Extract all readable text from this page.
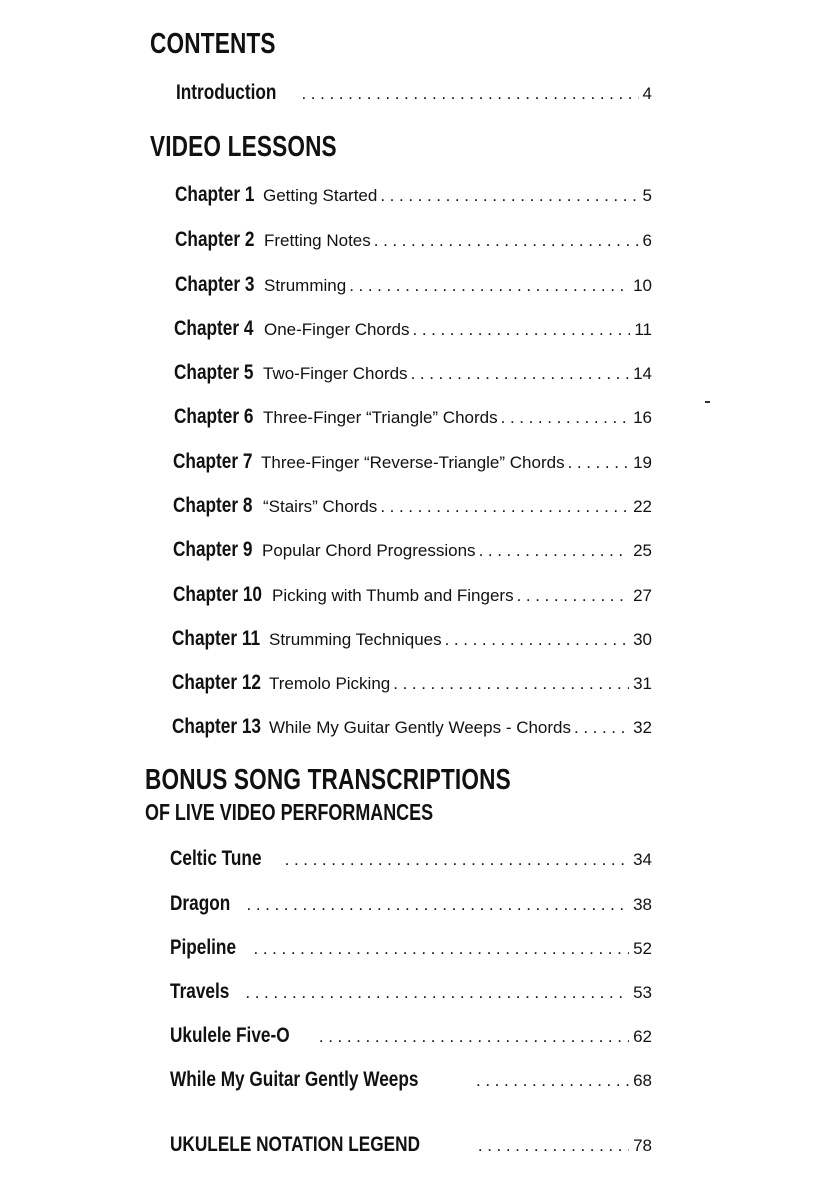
CONTENTS
Introduction .....	4
VIDEO LESSONS
Chapter 1 Getting Started .....	5
Chapter 2 Fretting Notes .....	6
Chapter 3 Strumming .....	10
Chapter 4 One-Finger Chords .....	11
Chapter 5 Two-Finger Chords .....	14
Chapter 6 Three-Finger “Triangle” Chords .....	16
Chapter 7 Three-Finger “Reverse-Triangle” Chords .....	19
Chapter 8 “Stairs” Chords .....	22
Chapter 9 Popular Chord Progressions .....	25
Chapter 10 Picking with Thumb and Fingers .....	27
Chapter 11 Strumming Techniques .....	30
Chapter 12 Tremolo Picking .....	31
Chapter 13 While My Guitar Gently Weeps - Chords .....	32
BONUS SONG TRANSCRIPTIONS
OF LIVE VIDEO PERFORMANCES
Celtic Tune .....	34
Dragon .....	38
Pipeline .....	52
Travels .....	53
Ukulele Five-O .....	62
While My Guitar Gently Weeps .....	68
UKULELE NOTATION LEGEND .....	78
